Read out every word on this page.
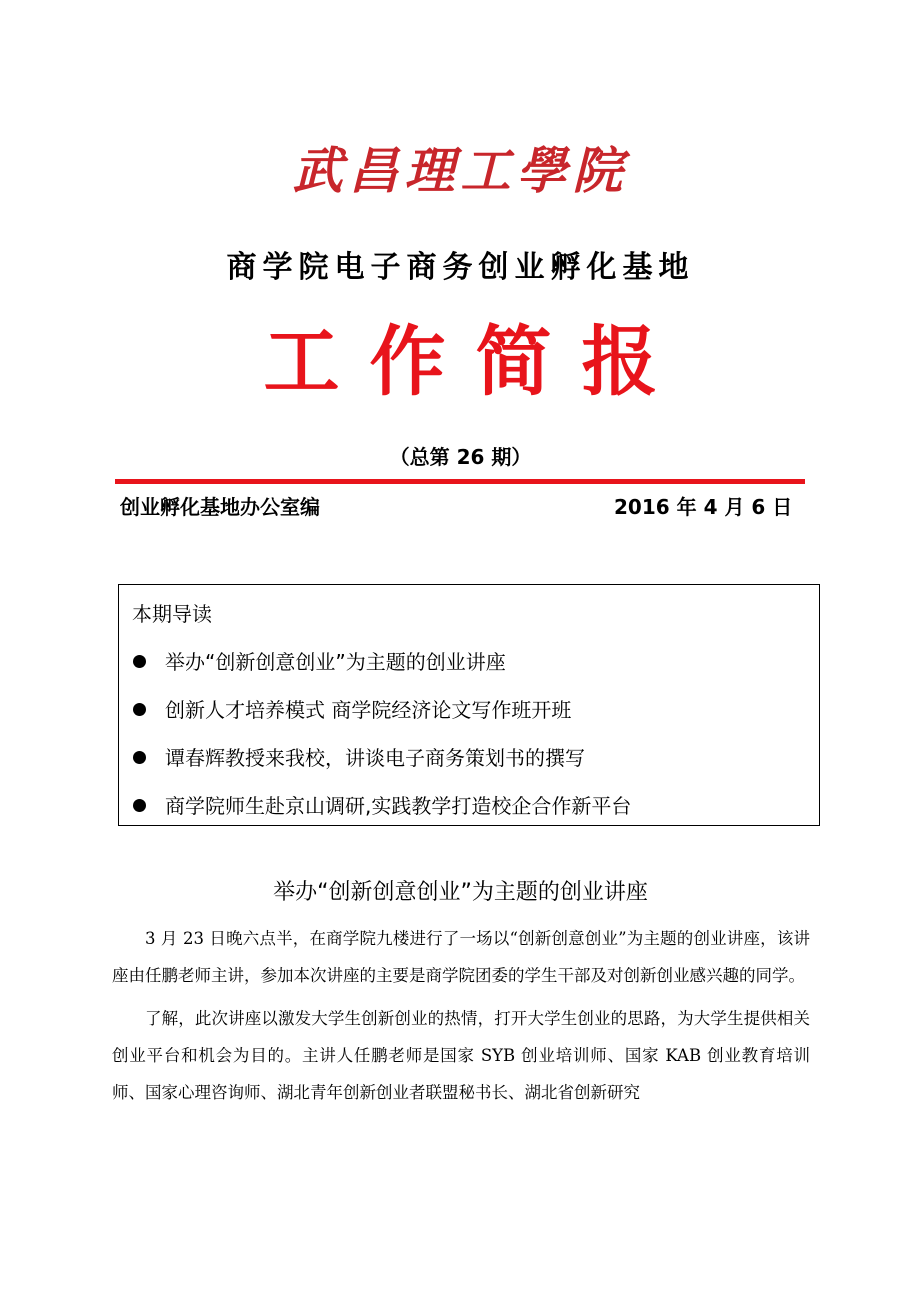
武昌理工學院
商学院电子商务创业孵化基地
工作简报
（总第 26 期）
创业孵化基地办公室编	2016 年 4 月 6 日
本期导读
举办“创新创意创业”为主题的创业讲座
创新人才培养模式 商学院经济论文写作班开班
谭春辉教授来我校，讲谈电子商务策划书的撰写
商学院师生赴京山调研,实践教学打造校企合作新平台
举办“创新创意创业”为主题的创业讲座

3 月 23 日晚六点半，在商学院九楼进行了一场以“创新创意创业”为主题的创业讲座，该讲座由任鹏老师主讲，参加本次讲座的主要是商学院团委的学生干部及对创新创业感兴趣的同学。

了解，此次讲座以激发大学生创新创业的热情，打开大学生创业的思路，为大学生提供相关创业平台和机会为目的。主讲人任鹏老师是国家 SYB 创业培训师、国家 KAB 创业教育培训师、国家心理咨询师、湖北青年创新创业者联盟秘书长、湖北省创新研究
